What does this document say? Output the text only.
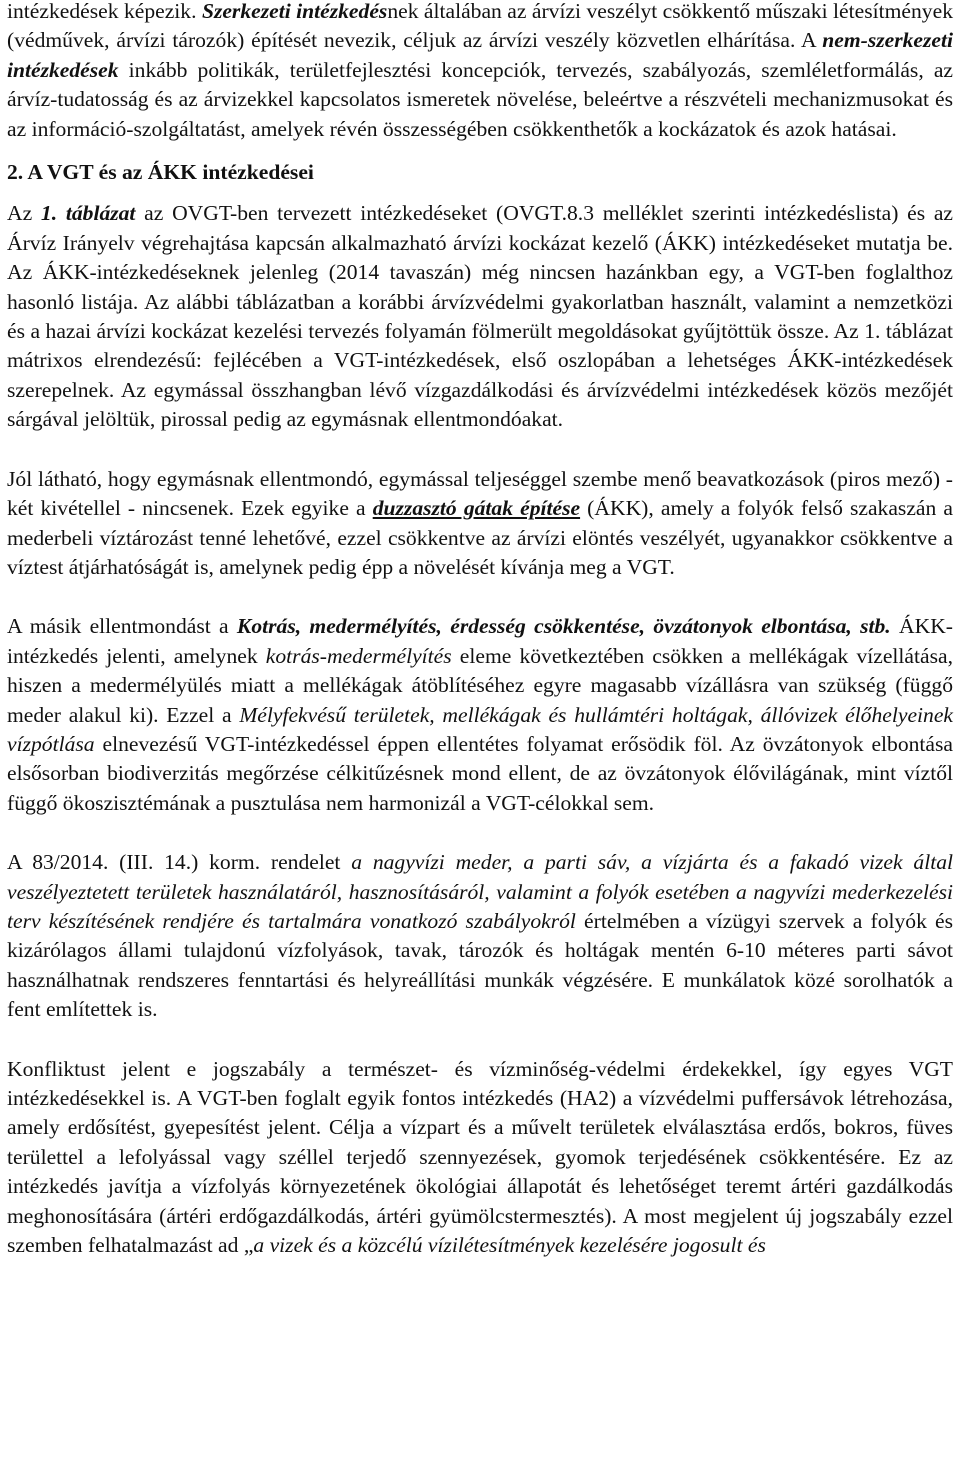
intézkedések képezik. Szerkezeti intézkedésnek általában az árvízi veszélyt csökkentő műszaki létesítmények (védművek, árvízi tározók) építését nevezik, céljuk az árvízi veszély közvetlen elhárítása. A nem-szerkezeti intézkedések inkább politikák, területfejlesztési koncepciók, tervezés, szabályozás, szemléletformálás, az árvíz-tudatosság és az árvizekkel kapcsolatos ismeretek növelése, beleértve a részvételi mechanizmusokat és az információ-szolgáltatást, amelyek révén összességében csökkenthetők a kockázatok és azok hatásai.

2. A VGT és az ÁKK intézkedései

Az 1. táblázat az OVGT-ben tervezett intézkedéseket (OVGT.8.3 melléklet szerinti intézkedéslista) és az Árvíz Irányelv végrehajtása kapcsán alkalmazható árvízi kockázat kezelő (ÁKK) intézkedéseket mutatja be. Az ÁKK-intézkedéseknek jelenleg (2014 tavaszán) még nincsen hazánkban egy, a VGT-ben foglalthoz hasonló listája. Az alábbi táblázatban a korábbi árvízvédelmi gyakorlatban használt, valamint a nemzetközi és a hazai árvízi kockázat kezelési tervezés folyamán fölmerült megoldásokat gyűjtöttük össze. Az 1. táblázat mátrixos elrendezésű: fejlécében a VGT-intézkedések, első oszlopában a lehetséges ÁKK-intézkedések szerepelnek. Az egymással összhangban lévő vízgazdálkodási és árvízvédelmi intézkedések közös mezőjét sárgával jelöltük, pirossal pedig az egymásnak ellentmondóakat.

Jól látható, hogy egymásnak ellentmondó, egymással teljeséggel szembe menő beavatkozások (piros mező) - két kivétellel - nincsenek. Ezek egyike a duzzasztó gátak építése (ÁKK), amely a folyók felső szakaszán a mederbeli víztározást tenné lehetővé, ezzel csökkentve az árvízi elöntés veszélyét, ugyanakkor csökkentve a víztest átjárhatóságát is, amelynek pedig épp a növelését kívánja meg a VGT.

A másik ellentmondást a Kotrás, medermélyítés, érdesség csökkentése, övzátonyok elbontása, stb. ÁKK-intézkedés jelenti, amelynek kotrás-medermélyítés eleme következtében csökken a mellékágak vízellátása, hiszen a medermélyülés miatt a mellékágak átöblítéséhez egyre magasabb vízállásra van szükség (függő meder alakul ki). Ezzel a Mélyfekvésű területek, mellékágak és hullámtéri holtágak, állóvizek élőhelyeinek vízpótlása elnevezésű VGT-intézkedéssel éppen ellentétes folyamat erősödik föl. Az övzátonyok elbontása elsősorban biodiverzitás megőrzése célkitűzésnek mond ellent, de az övzátonyok élővilágának, mint víztől függő ökoszisztémának a pusztulása nem harmonizál a VGT-célokkal sem.

A 83/2014. (III. 14.) korm. rendelet a nagyvízi meder, a parti sáv, a vízjárta és a fakadó vizek által veszélyeztetett területek használatáról, hasznosításáról, valamint a folyók esetében a nagyvízi mederkezelési terv készítésének rendjére és tartalmára vonatkozó szabályokról értelmében a vízügyi szervek a folyók és kizárólagos állami tulajdonú vízfolyások, tavak, tározók és holtágak mentén 6-10 méteres parti sávot használhatnak rendszeres fenntartási és helyreállítási munkák végzésére. E munkálatok közé sorolhatók a fent említettek is.

Konfliktust jelent e jogszabály a természet- és vízminőség-védelmi érdekekkel, így egyes VGT intézkedésekkel is. A VGT-ben foglalt egyik fontos intézkedés (HA2) a vízvédelmi puffersávok létrehozása, amely erdősítést, gyepesítést jelent. Célja a vízpart és a művelt területek elválasztása erdős, bokros, füves területtel a lefolyással vagy széllel terjedő szennyezések, gyomok terjedésének csökkentésére. Ez az intézkedés javítja a vízfolyás környezetének ökológiai állapotát és lehetőséget teremt ártéri gazdálkodás meghonosítására (ártéri erdőgazdálkodás, ártéri gyümölcstermesztés). A most megjelent új jogszabály ezzel szemben felhatalmazást ad „a vizek és a közcélú vízilétesítmények kezelésére jogosult és
